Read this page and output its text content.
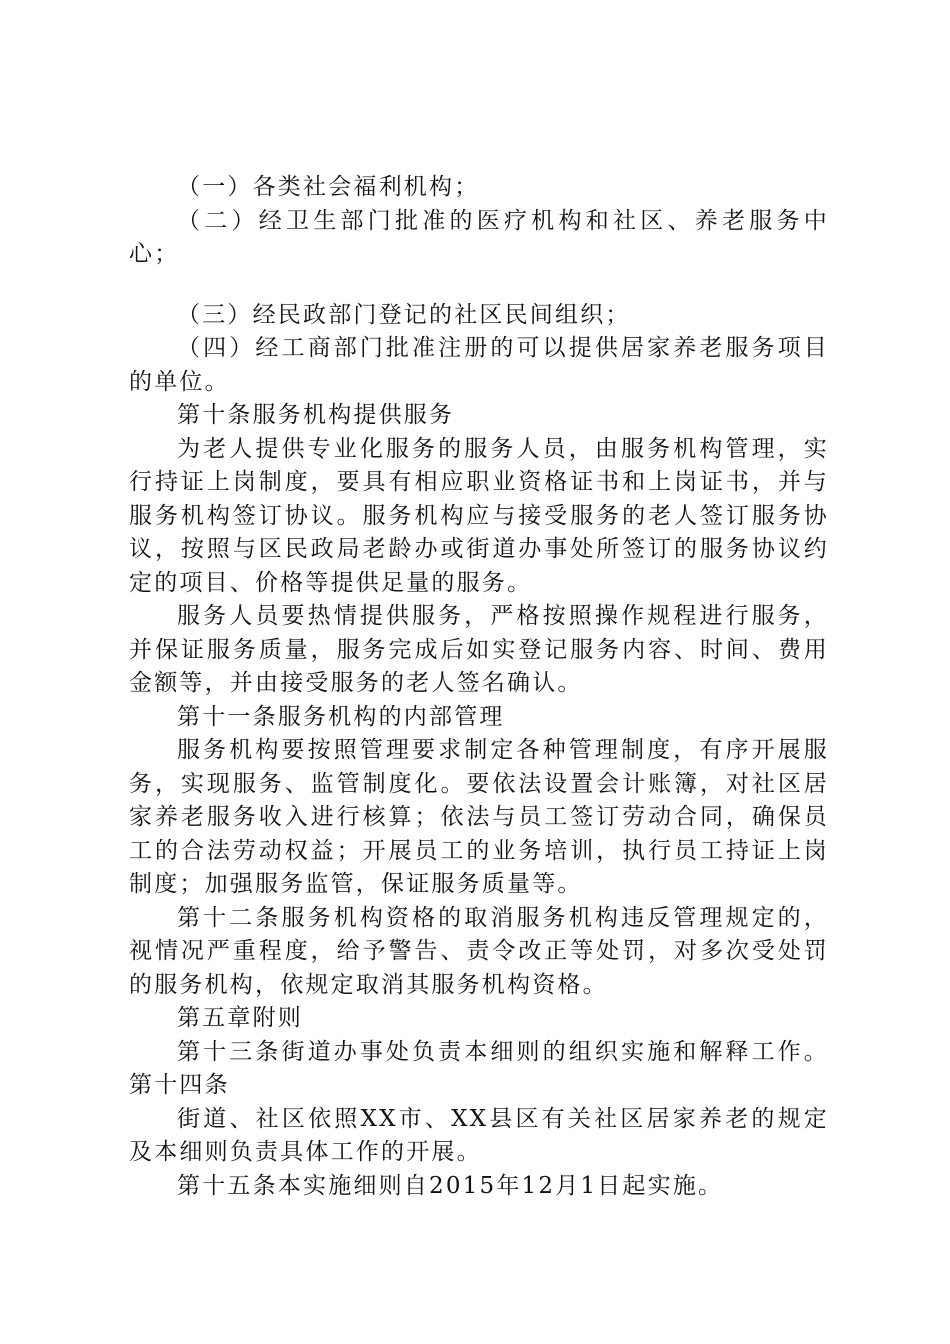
（一）各类社会福利机构；

（二）经卫生部门批准的医疗机构和社区、养老服务中心；

（三）经民政部门登记的社区民间组织；

（四）经工商部门批准注册的可以提供居家养老服务项目的单位。

第十条服务机构提供服务

为老人提供专业化服务的服务人员，由服务机构管理，实行持证上岗制度，要具有相应职业资格证书和上岗证书，并与服务机构签订协议。服务机构应与接受服务的老人签订服务协议，按照与区民政局老龄办或街道办事处所签订的服务协议约定的项目、价格等提供足量的服务。

服务人员要热情提供服务，严格按照操作规程进行服务，并保证服务质量，服务完成后如实登记服务内容、时间、费用金额等，并由接受服务的老人签名确认。

第十一条服务机构的内部管理

服务机构要按照管理要求制定各种管理制度，有序开展服务，实现服务、监管制度化。要依法设置会计账簿，对社区居家养老服务收入进行核算；依法与员工签订劳动合同，确保员工的合法劳动权益；开展员工的业务培训，执行员工持证上岗制度；加强服务监管，保证服务质量等。

第十二条服务机构资格的取消服务机构违反管理规定的，视情况严重程度，给予警告、责令改正等处罚，对多次受处罚的服务机构，依规定取消其服务机构资格。

第五章附则

第十三条街道办事处负责本细则的组织实施和解释工作。第十四条

街道、社区依照XX市、XX县区有关社区居家养老的规定及本细则负责具体工作的开展。

第十五条本实施细则自2015年12月1日起实施。
